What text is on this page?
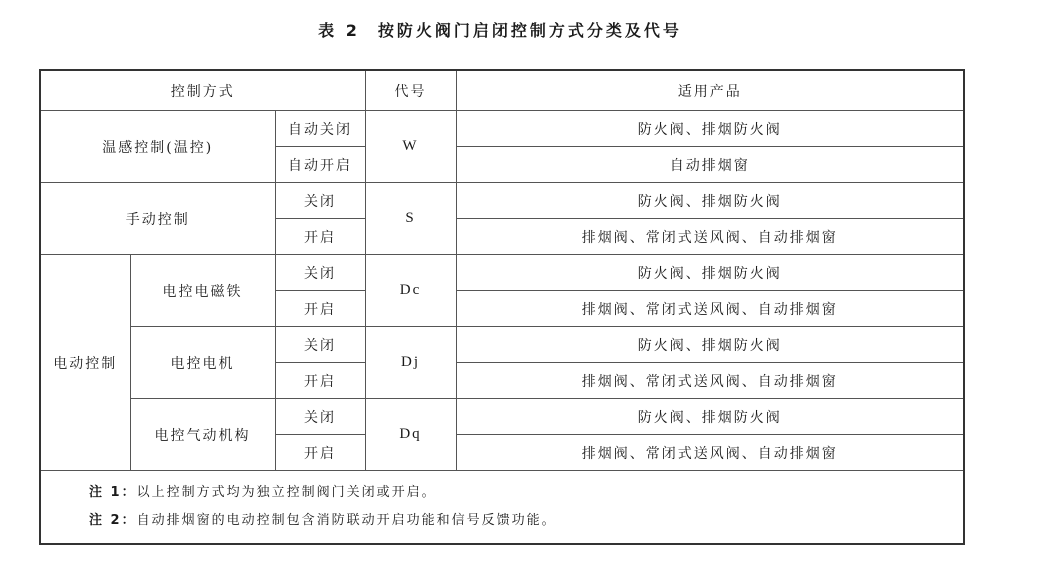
表 2 按防火阀门启闭控制方式分类及代号
控制方式			代号	适用产品
温感控制(温控)		自动关闭	W	防火阀、排烟防火阀
		自动开启		自动排烟窗
手动控制		关闭	S	防火阀、排烟防火阀
		开启		排烟阀、常闭式送风阀、自动排烟窗
电动控制	电控电磁铁	关闭	Dc	防火阀、排烟防火阀
		开启		排烟阀、常闭式送风阀、自动排烟窗
	电控电机	关闭	Dj	防火阀、排烟防火阀
		开启		排烟阀、常闭式送风阀、自动排烟窗
	电控气动机构	关闭	Dq	防火阀、排烟防火阀
		开启		排烟阀、常闭式送风阀、自动排烟窗

注 1：以上控制方式均为独立控制阀门关闭或开启。
注 2：自动排烟窗的电动控制包含消防联动开启功能和信号反馈功能。				
